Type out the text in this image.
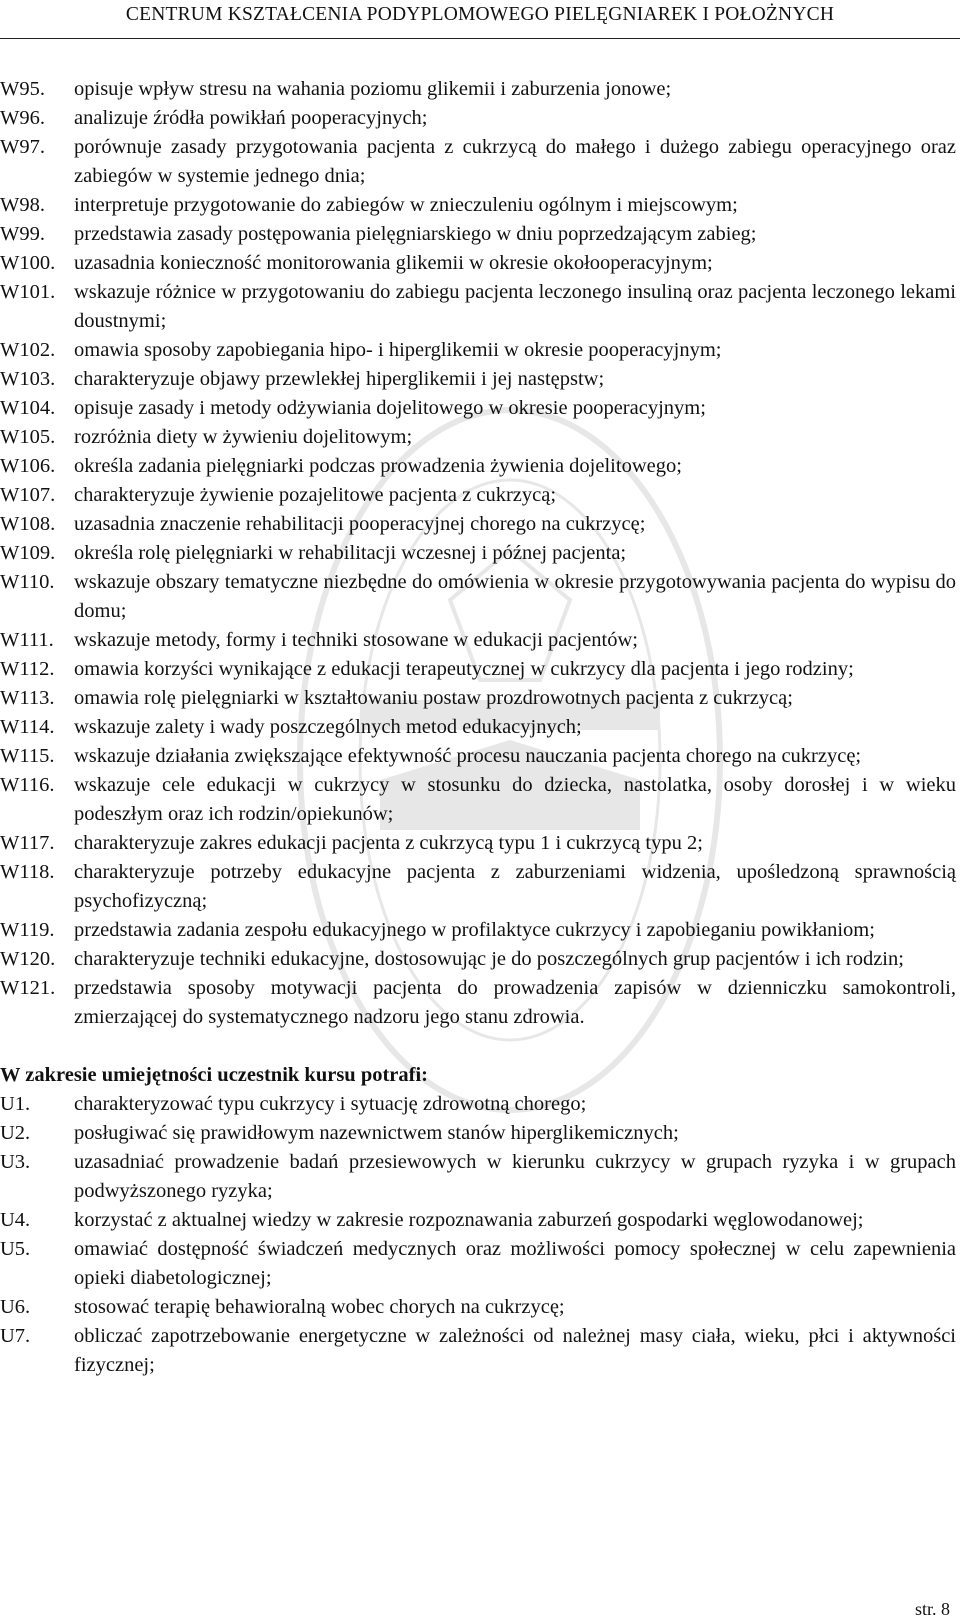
CENTRUM KSZTAŁCENIA PODYPLOMOWEGO PIELĘGNIAREK I POŁOŻNYCH
W95.	opisuje wpływ stresu na wahania poziomu glikemii i zaburzenia jonowe;
W96.	analizuje źródła powikłań pooperacyjnych;
W97.	porównuje zasady przygotowania pacjenta z cukrzycą do małego i dużego zabiegu operacyjnego oraz zabiegów w systemie jednego dnia;
W98.	interpretuje przygotowanie do zabiegów w znieczuleniu ogólnym i miejscowym;
W99.	przedstawia zasady postępowania pielęgniarskiego w dniu poprzedzającym zabieg;
W100. uzasadnia konieczność monitorowania glikemii w okresie okołooperacyjnym;
W101. wskazuje różnice w przygotowaniu do zabiegu pacjenta leczonego insuliną oraz pacjenta leczonego lekami doustnymi;
W102. omawia sposoby zapobiegania hipo- i hiperglikemii w okresie pooperacyjnym;
W103. charakteryzuje objawy przewlekłej hiperglikemii i jej następstw;
W104. opisuje zasady i metody odżywiania dojelitowego w okresie pooperacyjnym;
W105. rozróżnia diety w żywieniu dojelitowym;
W106. określa zadania pielęgniarki podczas prowadzenia żywienia dojelitowego;
W107. charakteryzuje żywienie pozajelitowe pacjenta z cukrzycą;
W108. uzasadnia znaczenie rehabilitacji pooperacyjnej chorego na cukrzycę;
W109. określa rolę pielęgniarki w rehabilitacji wczesnej i późnej pacjenta;
W110. wskazuje obszary tematyczne niezbędne do omówienia w okresie przygotowywania pacjenta do wypisu do domu;
W111. wskazuje metody, formy i techniki stosowane w edukacji pacjentów;
W112. omawia korzyści wynikające z edukacji terapeutycznej w cukrzycy dla pacjenta i jego rodziny;
W113. omawia rolę pielęgniarki w kształtowaniu postaw prozdrowotnych pacjenta z cukrzycą;
W114. wskazuje zalety i wady poszczególnych metod edukacyjnych;
W115. wskazuje działania zwiększające efektywność procesu nauczania pacjenta chorego na cukrzycę;
W116. wskazuje cele edukacji w cukrzycy w stosunku do dziecka, nastolatka, osoby dorosłej i w wieku podeszłym oraz ich rodzin/opiekunów;
W117. charakteryzuje zakres edukacji pacjenta z cukrzycą typu 1 i cukrzycą typu 2;
W118. charakteryzuje potrzeby edukacyjne pacjenta z zaburzeniami widzenia, upośledzoną sprawnością psychofizyczną;
W119. przedstawia zadania zespołu edukacyjnego w profilaktyce cukrzycy i zapobieganiu powikłaniom;
W120. charakteryzuje techniki edukacyjne, dostosowując je do poszczególnych grup pacjentów i ich rodzin;
W121. przedstawia sposoby motywacji pacjenta do prowadzenia zapisów w dzienniczku samokontroli, zmierzającej do systematycznego nadzoru jego stanu zdrowia.
W zakresie umiejętności uczestnik kursu potrafi:
U1.	charakteryzować typu cukrzycy i sytuację zdrowotną chorego;
U2.	posługiwać się prawidłowym nazewnictwem stanów hiperglikemicznych;
U3.	uzasadniać prowadzenie badań przesiewowych w kierunku cukrzycy w grupach ryzyka i w grupach podwyższonego ryzyka;
U4.	korzystać z aktualnej wiedzy w zakresie rozpoznawania zaburzeń gospodarki węglowodanowej;
U5.	omawiać dostępność świadczeń medycznych oraz możliwości pomocy społecznej w celu zapewnienia opieki diabetologicznej;
U6.	stosować terapię behawioralną wobec chorych na cukrzycę;
U7.	obliczać zapotrzebowanie energetyczne w zależności od należnej masy ciała, wieku, płci i aktywności fizycznej;
str. 8
